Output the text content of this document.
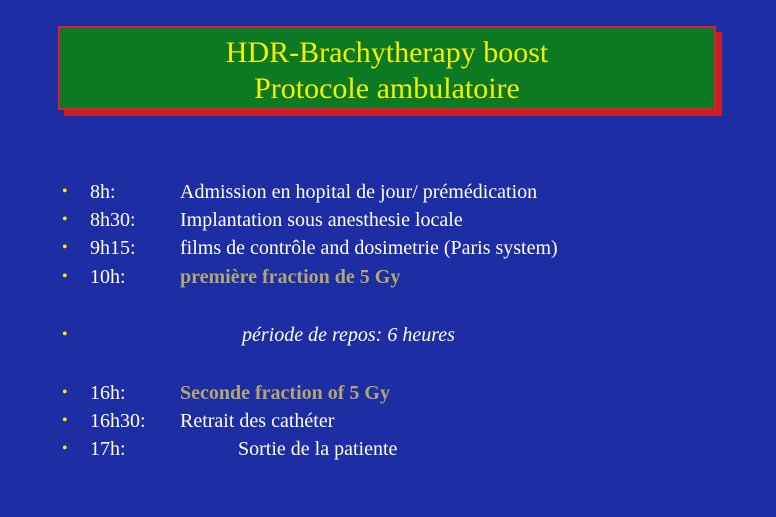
HDR-Brachytherapy boost
Protocole ambulatoire
• 8h:	Admission en hopital de jour/ prémédication
• 8h30: Implantation sous anesthesie locale
• 9h15: films de contrôle and dosimetrie (Paris system)
• 10h:	première fraction de 5 Gy
•	période de repos: 6 heures
• 16h:	Seconde fraction of 5 Gy
• 16h30: Retrait des cathéter
• 17h:	Sortie de la patiente
